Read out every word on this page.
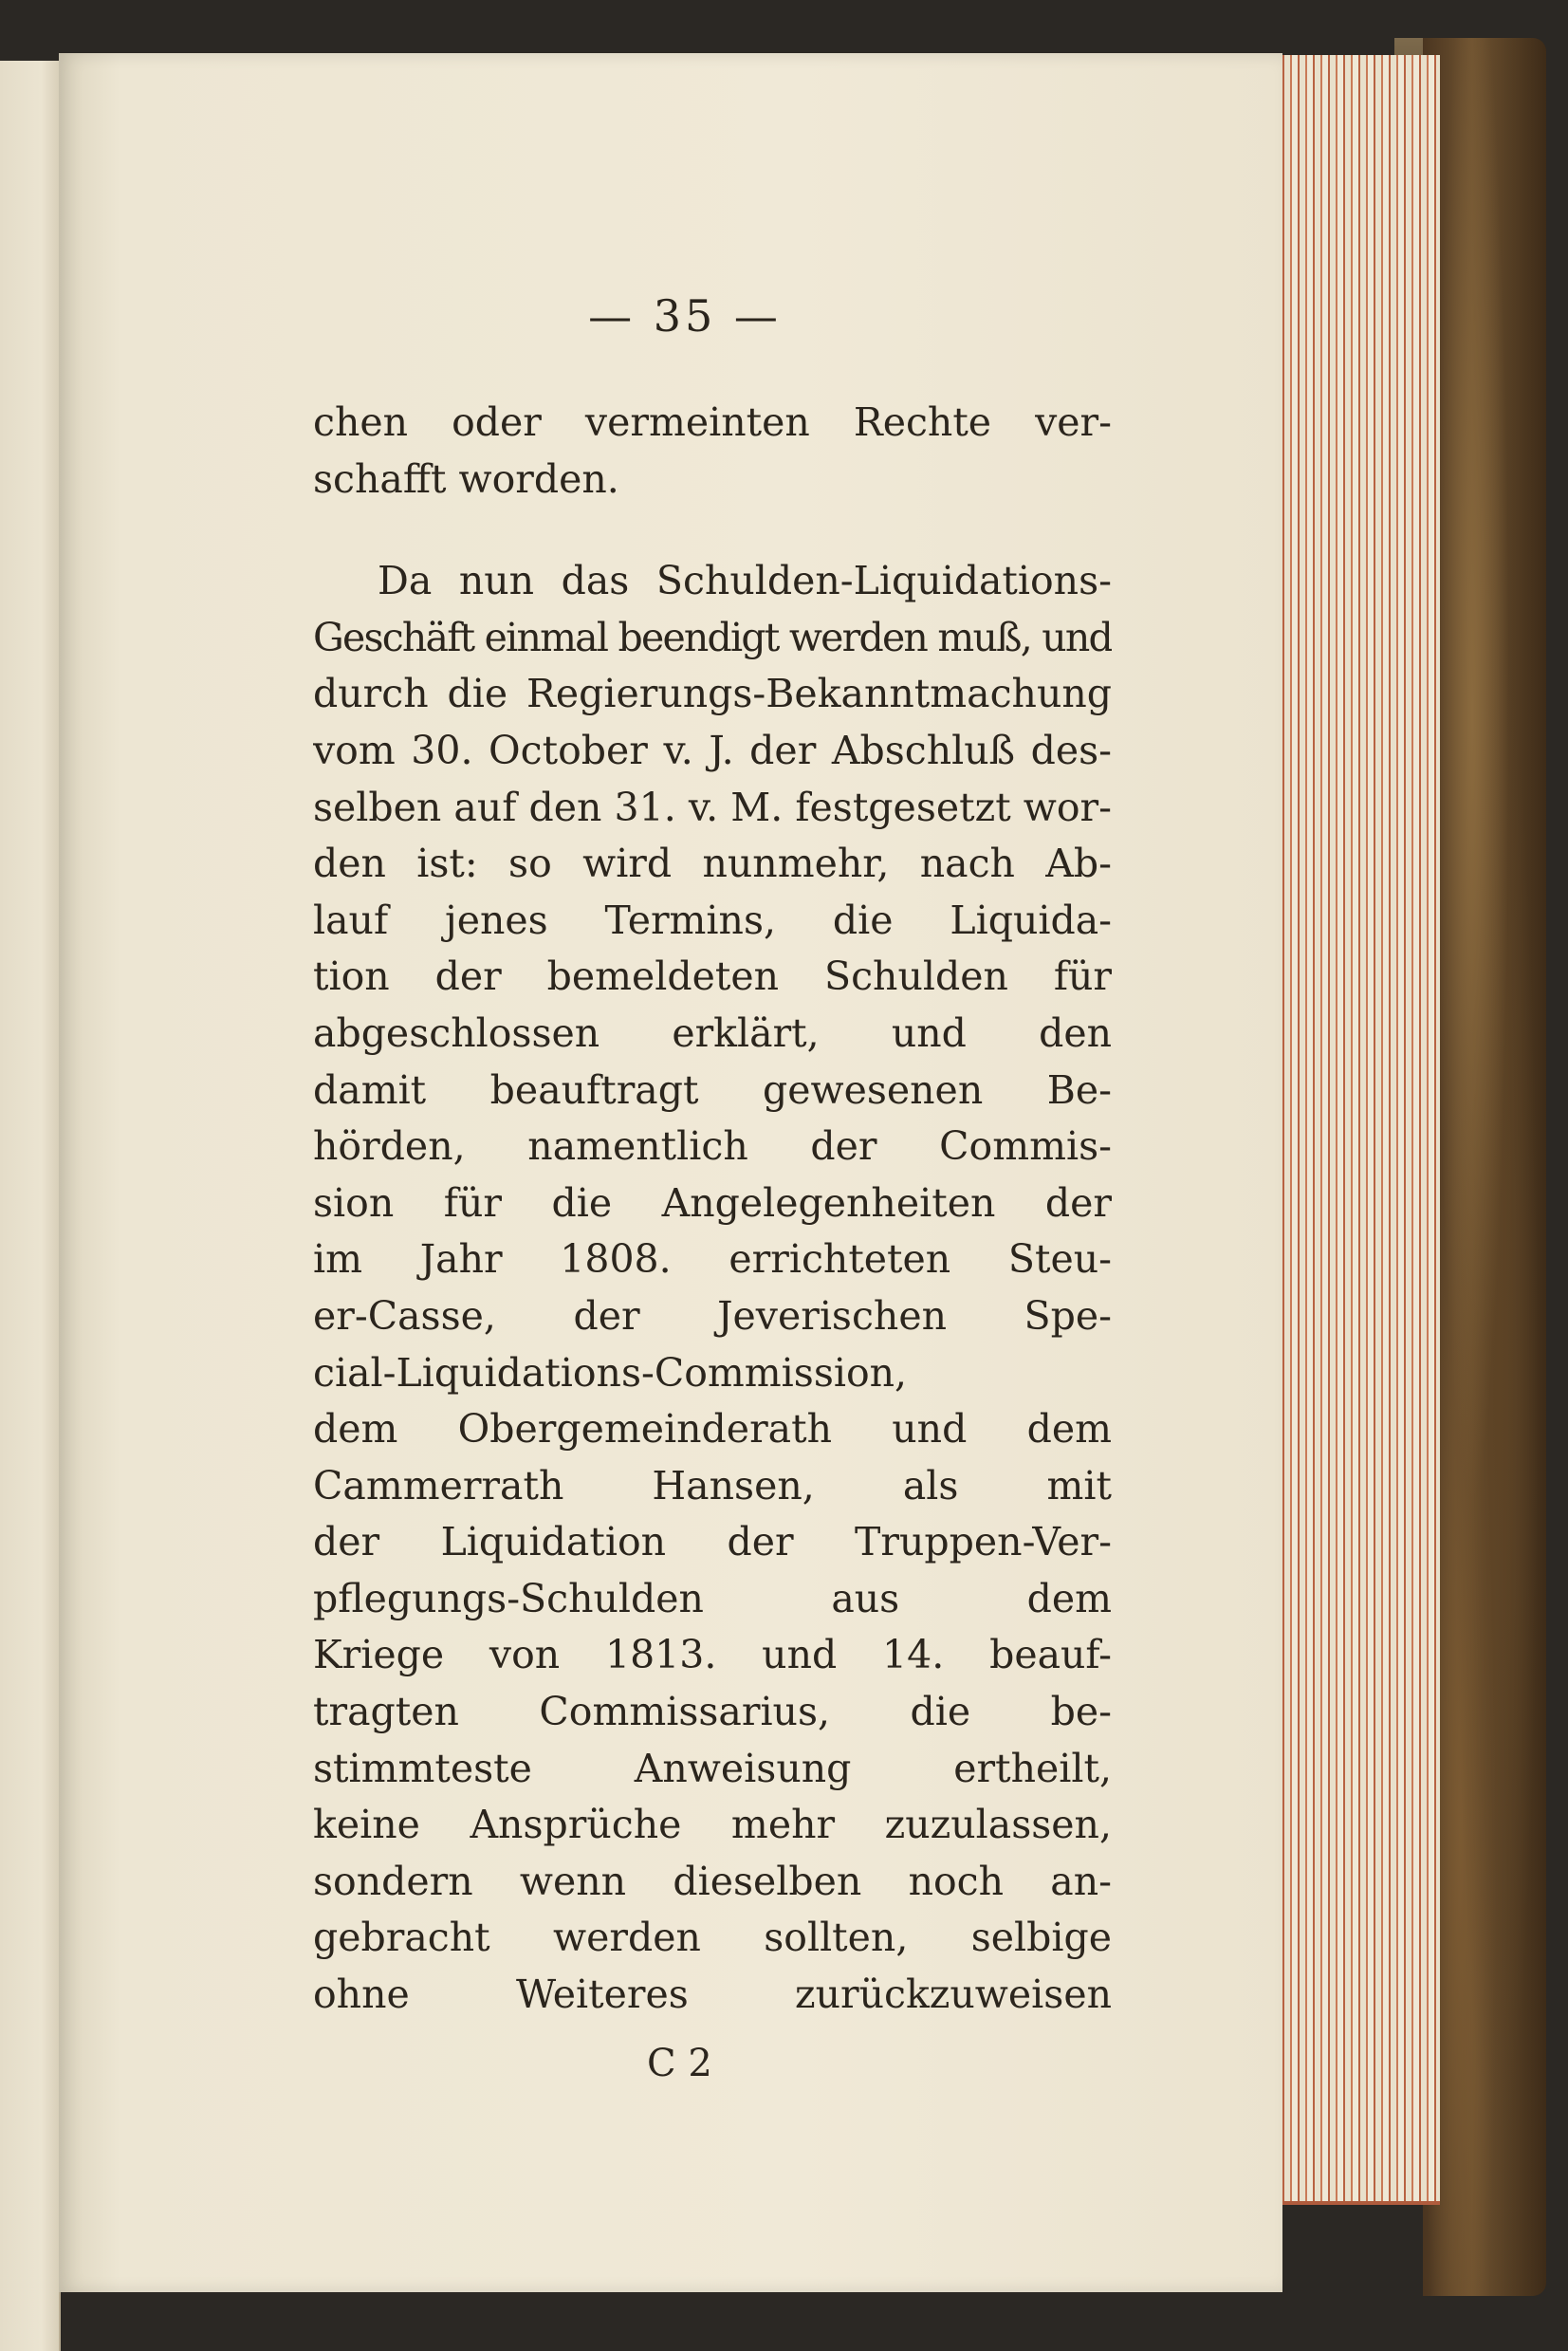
— 35 —
chen oder vermeinten Rechte ver-
schafft worden.
Da nun das Schulden-Liquidations-
Geschäft einmal beendigt werden muß, und
durch die Regierungs-Bekanntmachung
vom 30. October v. J. der Abschluß des-
selben auf den 31. v. M. festgesetzt wor-
den ist: so wird nunmehr, nach Ab-
lauf jenes Termins, die Liquida-
tion der bemeldeten Schulden für
abgeschlossen erklärt, und den
damit beauftragt gewesenen Be-
hörden, namentlich der Commis-
sion für die Angelegenheiten der
im Jahr 1808. errichteten Steu-
er-Casse, der Jeverischen Spe-
cial-Liquidations-Commission,
dem Obergemeinderath und dem
Cammerrath Hansen, als mit
der Liquidation der Truppen-Ver-
pflegungs-Schulden aus dem
Kriege von 1813. und 14. beauf-
tragten Commissarius, die be-
stimmteste Anweisung ertheilt,
keine Ansprüche mehr zuzulassen,
sondern wenn dieselben noch an-
gebracht werden sollten, selbige
ohne Weiteres zurückzuweisen
C 2
